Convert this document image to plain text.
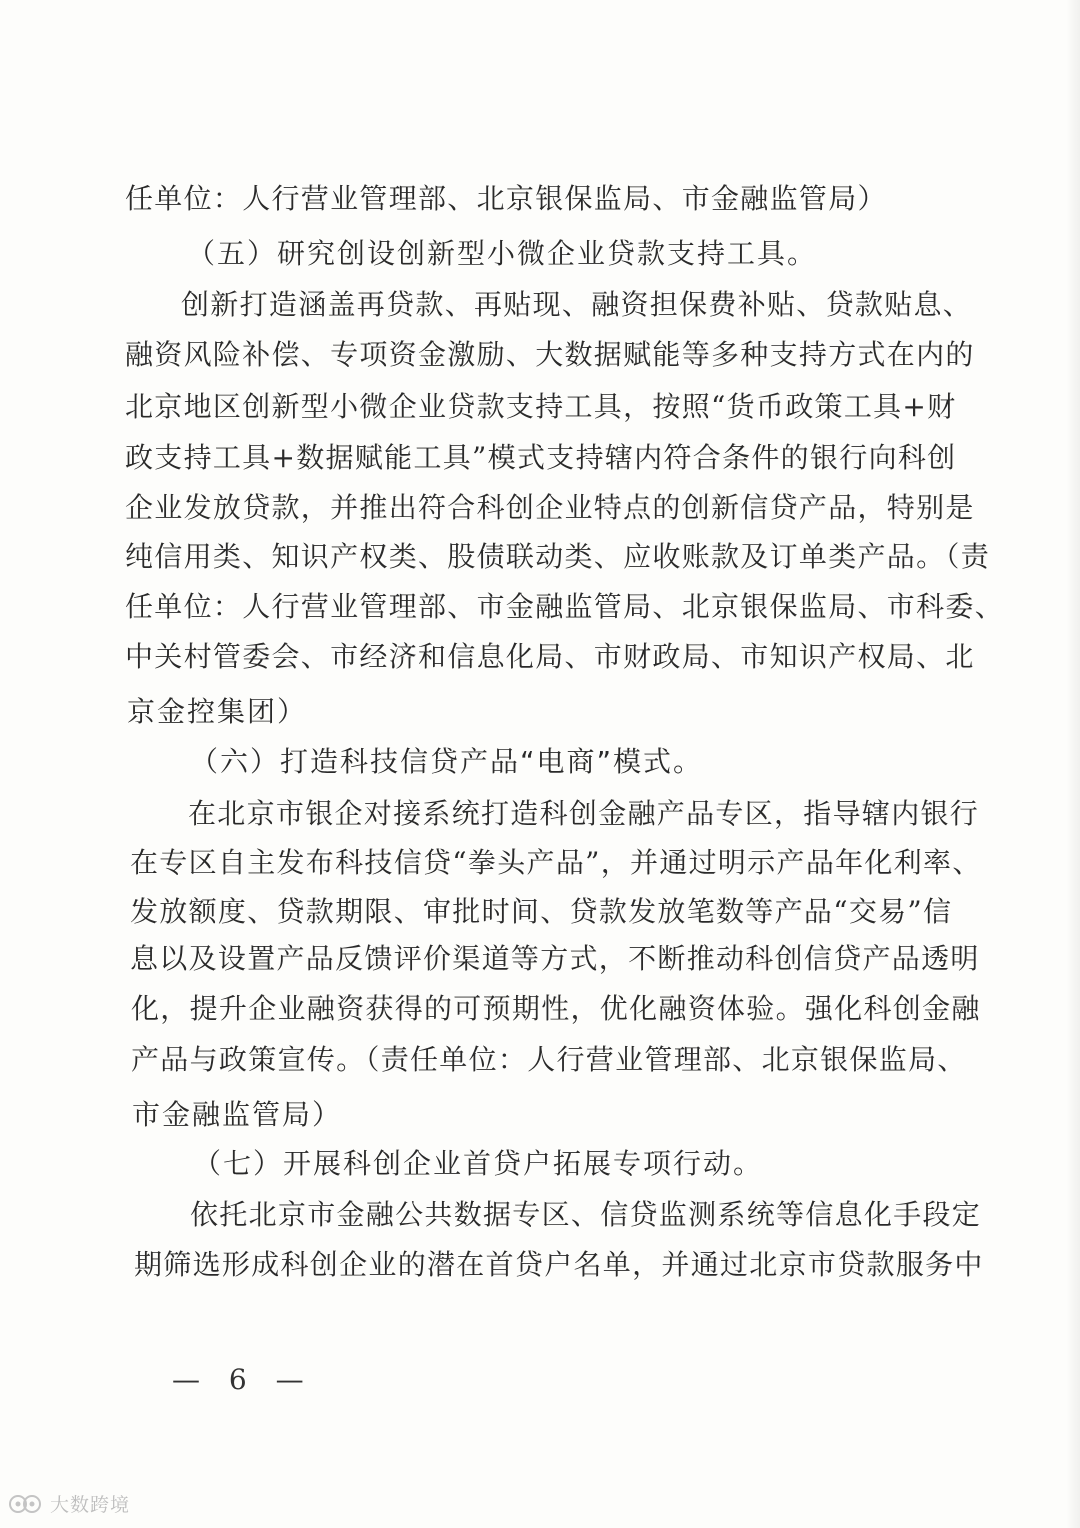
任单位：人行营业管理部、北京银保监局、市金融监管局）

（五）研究创设创新型小微企业贷款支持工具。

创新打造涵盖再贷款、再贴现、融资担保费补贴、贷款贴息、

融资风险补偿、专项资金激励、大数据赋能等多种支持方式在内的

北京地区创新型小微企业贷款支持工具，按照“货币政策工具+财

政支持工具+数据赋能工具”模式支持辖内符合条件的银行向科创

企业发放贷款，并推出符合科创企业特点的创新信贷产品，特别是

纯信用类、知识产权类、股债联动类、应收账款及订单类产品。（责

任单位：人行营业管理部、市金融监管局、北京银保监局、市科委、

中关村管委会、市经济和信息化局、市财政局、市知识产权局、北

京金控集团）

（六）打造科技信贷产品“电商”模式。

在北京市银企对接系统打造科创金融产品专区，指导辖内银行

在专区自主发布科技信贷“拳头产品”，并通过明示产品年化利率、

发放额度、贷款期限、审批时间、贷款发放笔数等产品“交易”信

息以及设置产品反馈评价渠道等方式，不断推动科创信贷产品透明

化，提升企业融资获得的可预期性，优化融资体验。强化科创金融

产品与政策宣传。（责任单位：人行营业管理部、北京银保监局、

市金融监管局）

（七）开展科创企业首贷户拓展专项行动。

依托北京市金融公共数据专区、信贷监测系统等信息化手段定

期筛选形成科创企业的潜在首贷户名单，并通过北京市贷款服务中

— 6 —

大数跨境
